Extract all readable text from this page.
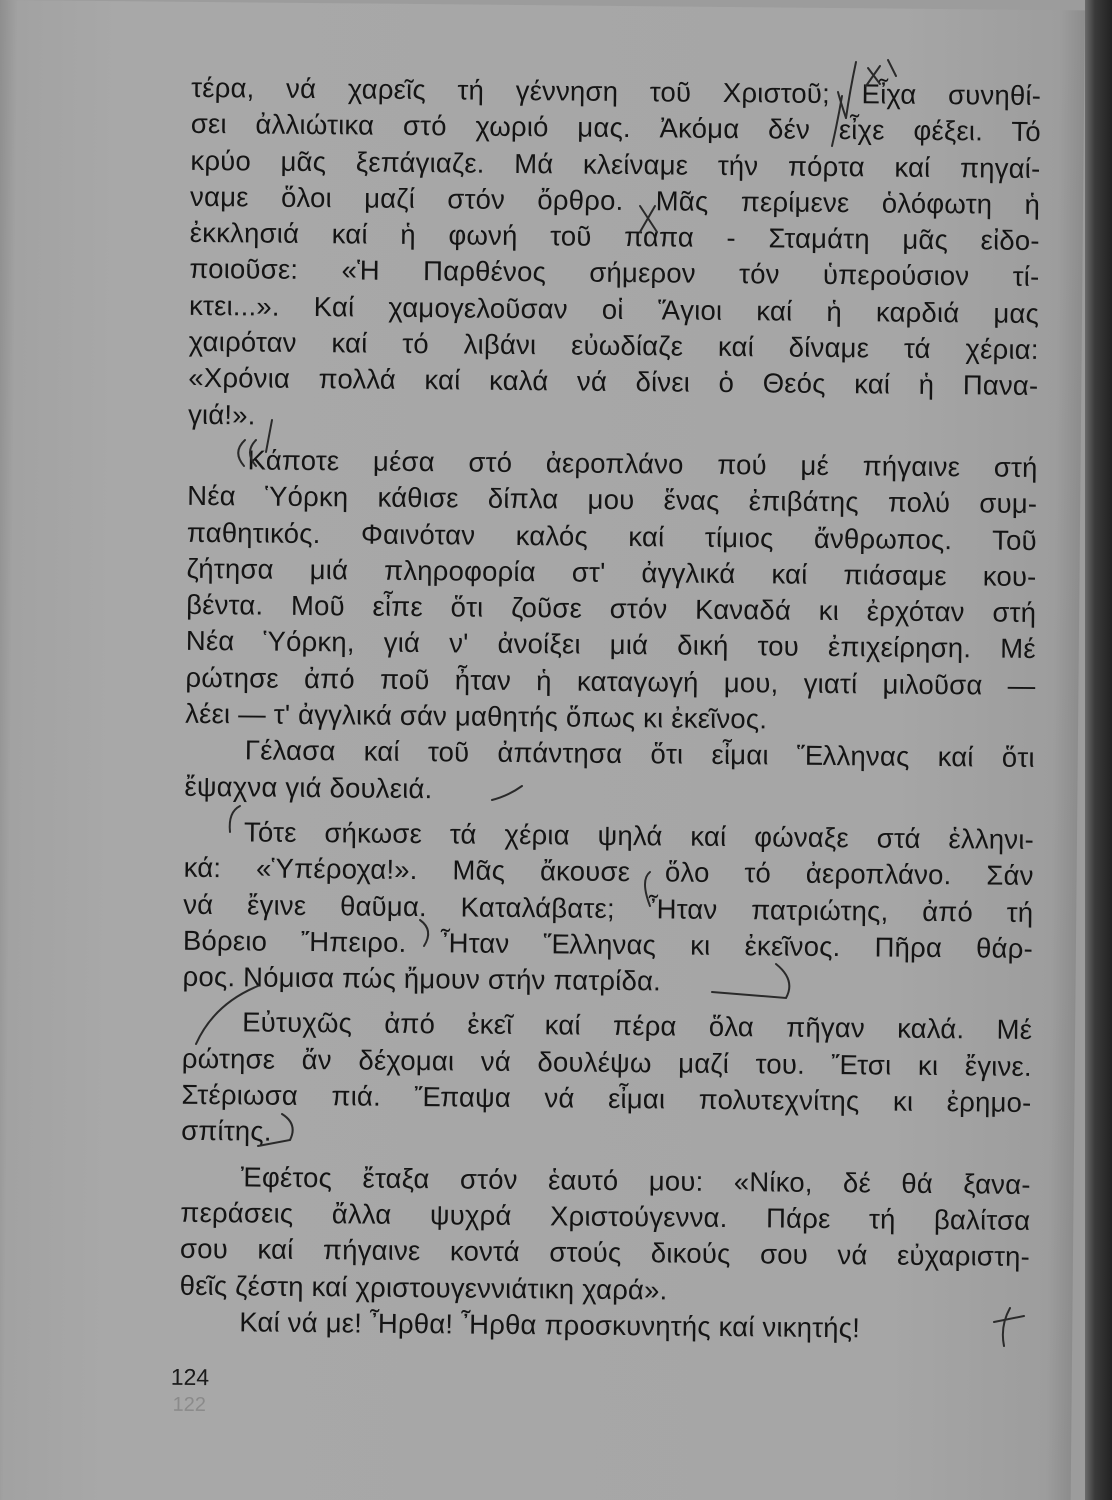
τέρα, νά χαρεῖς τή γέννηση τοῦ Χριστοῦ; Εἶχα συνηθί-
σει ἀλλιώτικα στό χωριό μας. Ἀκόμα δέν εἶχε φέξει. Τό
κρύο μᾶς ξεπάγιαζε. Μά κλείναμε τήν πόρτα καί πηγαί-
ναμε ὅλοι μαζί στόν ὄρθρο. Μᾶς περίμενε ὁλόφωτη ἡ
ἐκκλησιά καί ἡ φωνή τοῦ παπα - Σταμάτη μᾶς εἰδο-
ποιοῦσε: «Ἡ Παρθένος σήμερον τόν ὑπερούσιον τί-
κτει...». Καί χαμογελοῦσαν οἱ Ἅγιοι καί ἡ καρδιά μας
χαιρόταν καί τό λιβάνι εὐωδίαζε καί δίναμε τά χέρια:
«Χρόνια πολλά καί καλά νά δίνει ὁ Θεός καί ἡ Πανα-
γιά!».
Κάποτε μέσα στό ἀεροπλάνο πού μέ πήγαινε στή
Νέα Ὑόρκη κάθισε δίπλα μου ἕνας ἐπιβάτης πολύ συμ-
παθητικός. Φαινόταν καλός καί τίμιος ἄνθρωπος. Τοῦ
ζήτησα μιά πληροφορία στ' ἀγγλικά καί πιάσαμε κου-
βέντα. Μοῦ εἶπε ὅτι ζοῦσε στόν Καναδά κι ἐρχόταν στή
Νέα Ὑόρκη, γιά ν' ἀνοίξει μιά δική του ἐπιχείρηση. Μέ
ρώτησε ἀπό ποῦ ἦταν ἡ καταγωγή μου, γιατί μιλοῦσα —
λέει — τ' ἀγγλικά σάν μαθητής ὅπως κι ἐκεῖνος.
Γέλασα καί τοῦ ἀπάντησα ὅτι εἶμαι Ἕλληνας καί ὅτι
ἔψαχνα γιά δουλειά.
Τότε σήκωσε τά χέρια ψηλά καί φώναξε στά ἑλληνι-
κά: «Ὑπέροχα!». Μᾶς ἄκουσε ὅλο τό ἀεροπλάνο. Σάν
νά ἔγινε θαῦμα. Καταλάβατε; Ἦταν πατριώτης, ἀπό τή
Βόρειο Ἤπειρο. Ἦταν Ἕλληνας κι ἐκεῖνος. Πῆρα θάρ-
ρος. Νόμισα πώς ἤμουν στήν πατρίδα.
Εὐτυχῶς ἀπό ἐκεῖ καί πέρα ὅλα πῆγαν καλά. Μέ
ρώτησε ἄν δέχομαι νά δουλέψω μαζί του. Ἔτσι κι ἔγινε.
Στέριωσα πιά. Ἔπαψα νά εἶμαι πολυτεχνίτης κι ἐρημο-
σπίτης.
Ἐφέτος ἔταξα στόν ἑαυτό μου: «Νίκο, δέ θά ξανα-
περάσεις ἄλλα ψυχρά Χριστούγεννα. Πάρε τή βαλίτσα
σου καί πήγαινε κοντά στούς δικούς σου νά εὐχαριστη-
θεῖς ζέστη καί χριστουγεννιάτικη χαρά».
Καί νά με! Ἦρθα! Ἦρθα προσκυνητής καί νικητής!
124
122
